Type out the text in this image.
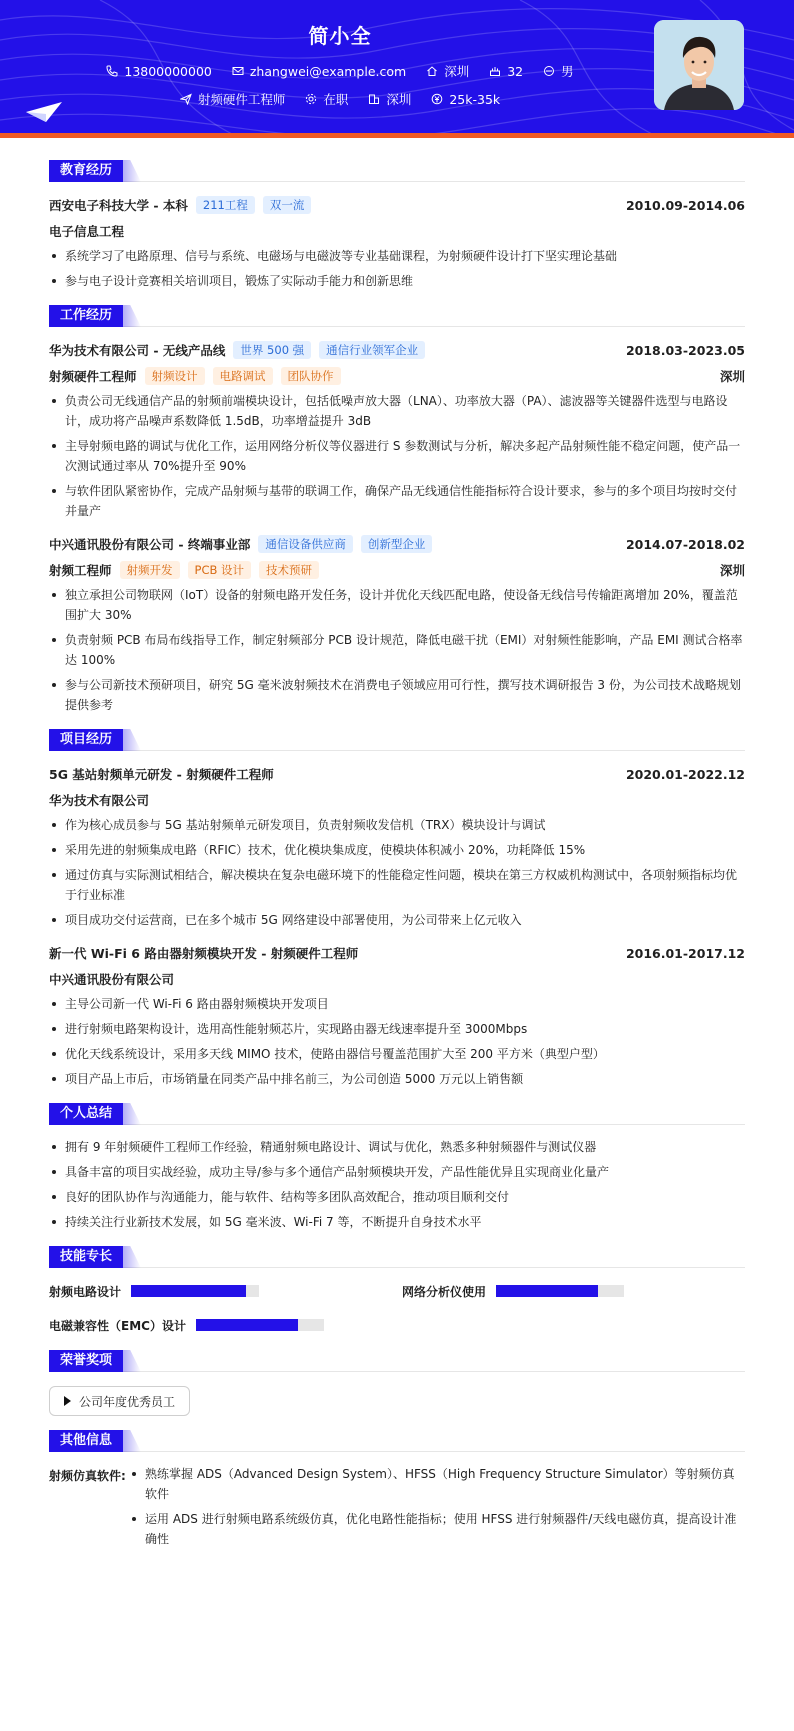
简小全
13800000000
	zhangwei@example.com
	深圳
	32
	男
射频硬件工程师
	在职
	深圳
	25k-35k
教育经历
西安电子科技大学 - 本科	211工程	双一流	2010.09-2014.06
电子信息工程
系统学习了电路原理、信号与系统、电磁场与电磁波等专业基础课程，为射频硬件设计打下坚实理论基础
参与电子设计竞赛相关培训项目，锻炼了实际动手能力和创新思维
工作经历
华为技术有限公司 - 无线产品线	世界 500 强	通信行业领军企业	2018.03-2023.05
射频硬件工程师	射频设计	电路调试	团队协作	深圳
负责公司无线通信产品的射频前端模块设计，包括低噪声放大器（LNA）、功率放大器（PA）、滤波器等关键器件选型与电路设计，成功将产品噪声系数降低 1.5dB，功率增益提升 3dB
主导射频电路的调试与优化工作，运用网络分析仪等仪器进行 S 参数测试与分析，解决多起产品射频性能不稳定问题，使产品一次测试通过率从 70%提升至 90%
与软件团队紧密协作，完成产品射频与基带的联调工作，确保产品无线通信性能指标符合设计要求，参与的多个项目均按时交付并量产
中兴通讯股份有限公司 - 终端事业部	通信设备供应商	创新型企业	2014.07-2018.02
射频工程师	射频开发	PCB 设计	技术预研	深圳
独立承担公司物联网（IoT）设备的射频电路开发任务，设计并优化天线匹配电路，使设备无线信号传输距离增加 20%，覆盖范围扩大 30%
负责射频 PCB 布局布线指导工作，制定射频部分 PCB 设计规范，降低电磁干扰（EMI）对射频性能影响，产品 EMI 测试合格率达 100%
参与公司新技术预研项目，研究 5G 毫米波射频技术在消费电子领域应用可行性，撰写技术调研报告 3 份，为公司技术战略规划提供参考
项目经历
5G 基站射频单元研发 - 射频硬件工程师	2020.01-2022.12
华为技术有限公司
作为核心成员参与 5G 基站射频单元研发项目，负责射频收发信机（TRX）模块设计与调试
采用先进的射频集成电路（RFIC）技术，优化模块集成度，使模块体积减小 20%，功耗降低 15%
通过仿真与实际测试相结合，解决模块在复杂电磁环境下的性能稳定性问题，模块在第三方权威机构测试中，各项射频指标均优于行业标准
项目成功交付运营商，已在多个城市 5G 网络建设中部署使用，为公司带来上亿元收入
新一代 Wi-Fi 6 路由器射频模块开发 - 射频硬件工程师	2016.01-2017.12
中兴通讯股份有限公司
主导公司新一代 Wi-Fi 6 路由器射频模块开发项目
进行射频电路架构设计，选用高性能射频芯片，实现路由器无线速率提升至 3000Mbps
优化天线系统设计，采用多天线 MIMO 技术，使路由器信号覆盖范围扩大至 200 平方米（典型户型）
项目产品上市后，市场销量在同类产品中排名前三，为公司创造 5000 万元以上销售额
个人总结
拥有 9 年射频硬件工程师工作经验，精通射频电路设计、调试与优化，熟悉多种射频器件与测试仪器
具备丰富的项目实战经验，成功主导/参与多个通信产品射频模块开发，产品性能优异且实现商业化量产
良好的团队协作与沟通能力，能与软件、结构等多团队高效配合，推动项目顺利交付
持续关注行业新技术发展，如 5G 毫米波、Wi-Fi 7 等，不断提升自身技术水平
技能专长
射频电路设计	网络分析仪使用
电磁兼容性（EMC）设计
荣誉奖项
公司年度优秀员工
其他信息
射频仿真软件:	熟练掌握 ADS（Advanced Design System）、HFSS（High Frequency Structure Simulator）等射频仿真软件
运用 ADS 进行射频电路系统级仿真，优化电路性能指标；使用 HFSS 进行射频器件/天线电磁仿真，提高设计准确性
